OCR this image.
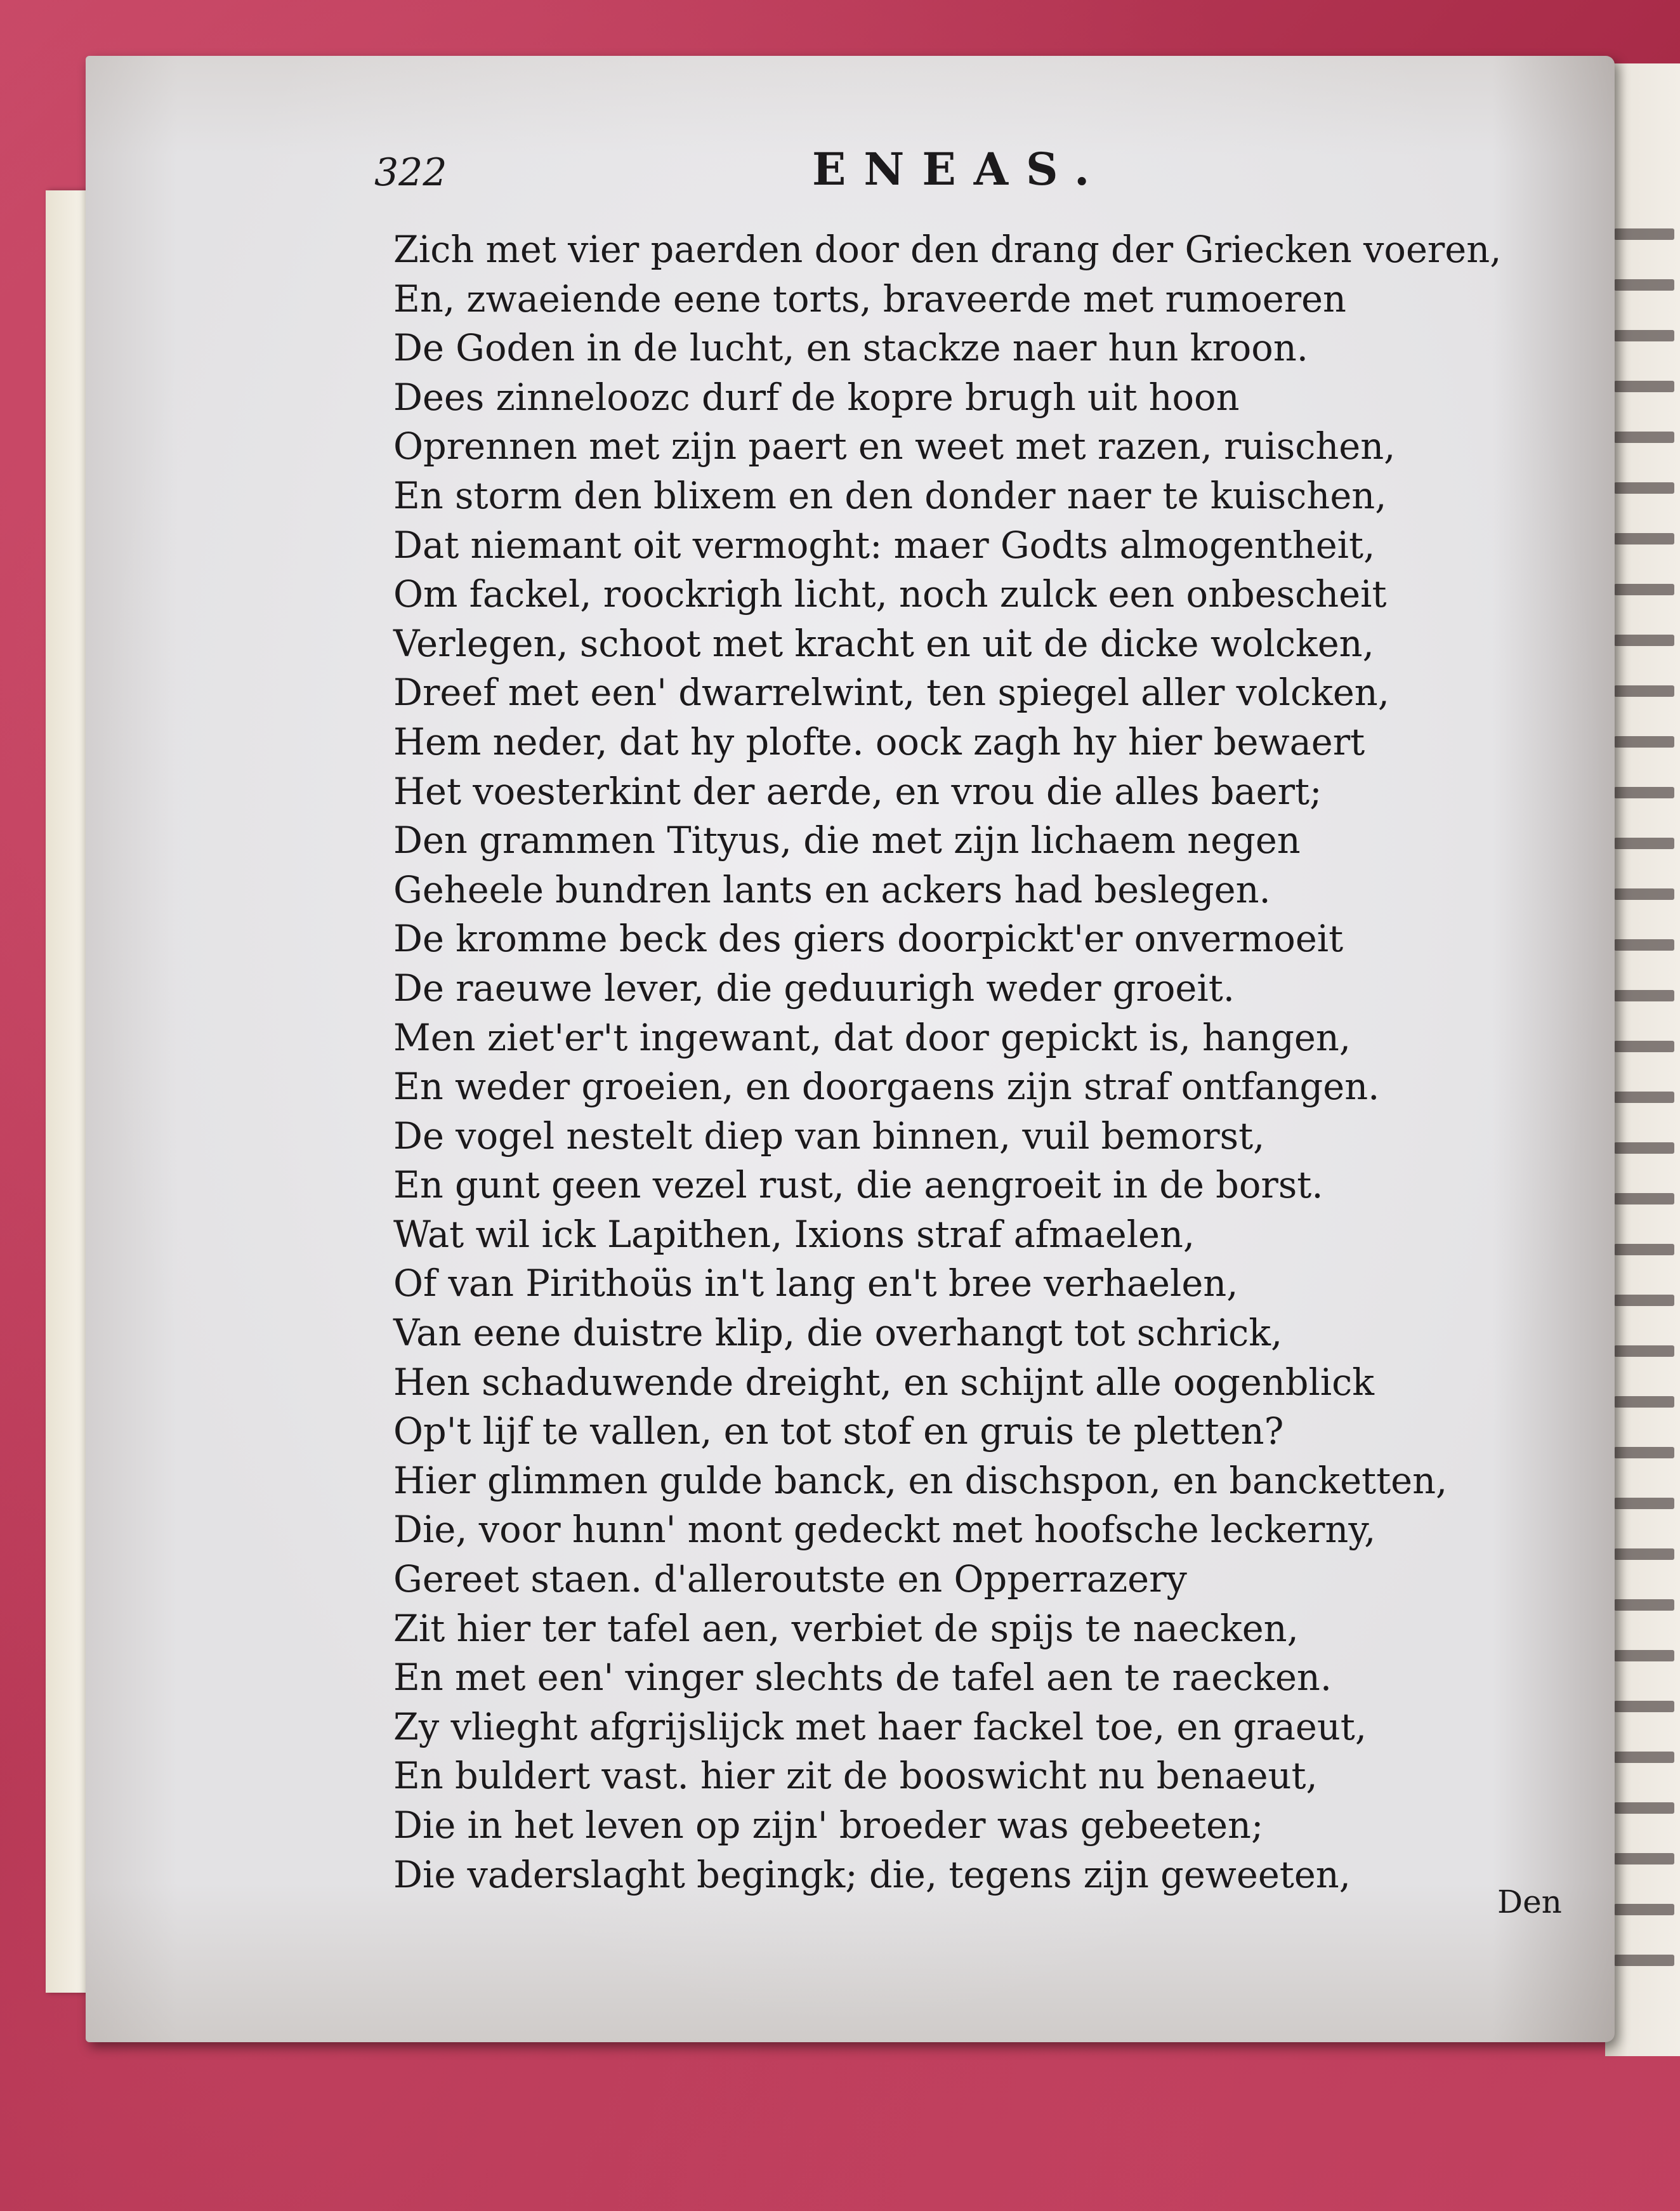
322	ENEAS.
Zich met vier paerden door den drang der Griecken voeren,
En, zwaeiende eene torts, braveerde met rumoeren
De Goden in de lucht, en stackze naer hun kroon.
Dees zinneloozc durf de kopre brugh uit hoon
Oprennen met zijn paert en weet met razen, ruischen,
En storm den blixem en den donder naer te kuischen,
Dat niemant oit vermoght: maer Godts almogentheit,
Om fackel, roockrigh licht, noch zulck een onbescheit
Verlegen, schoot met kracht en uit de dicke wolcken,
Dreef met een' dwarrelwint, ten spiegel aller volcken,
Hem neder, dat hy plofte. oock zagh hy hier bewaert
Het voesterkint der aerde, en vrou die alles baert;
Den grammen Tityus, die met zijn lichaem negen
Geheele bundren lants en ackers had beslegen.
De kromme beck des giers doorpickt'er onvermoeit
De raeuwe lever, die geduurigh weder groeit.
Men ziet'er't ingewant, dat door gepickt is, hangen,
En weder groeien, en doorgaens zijn straf ontfangen.
De vogel nestelt diep van binnen, vuil bemorst,
En gunt geen vezel rust, die aengroeit in de borst.
Wat wil ick Lapithen, Ixions straf afmaelen,
Of van Pirithoüs in't lang en't bree verhaelen,
Van eene duistre klip, die overhangt tot schrick,
Hen schaduwende dreight, en schijnt alle oogenblick
Op't lijf te vallen, en tot stof en gruis te pletten?
Hier glimmen gulde banck, en dischspon, en bancketten,
Die, voor hunn' mont gedeckt met hoofsche leckerny,
Gereet staen. d'alleroutste en Opperrazery
Zit hier ter tafel aen, verbiet de spijs te naecken,
En met een' vinger slechts de tafel aen te raecken.
Zy vlieght afgrijslijck met haer fackel toe, en graeut,
En buldert vast. hier zit de booswicht nu benaeut,
Die in het leven op zijn' broeder was gebeeten;
Die vaderslaght begingk; die, tegens zijn geweeten,
Den
